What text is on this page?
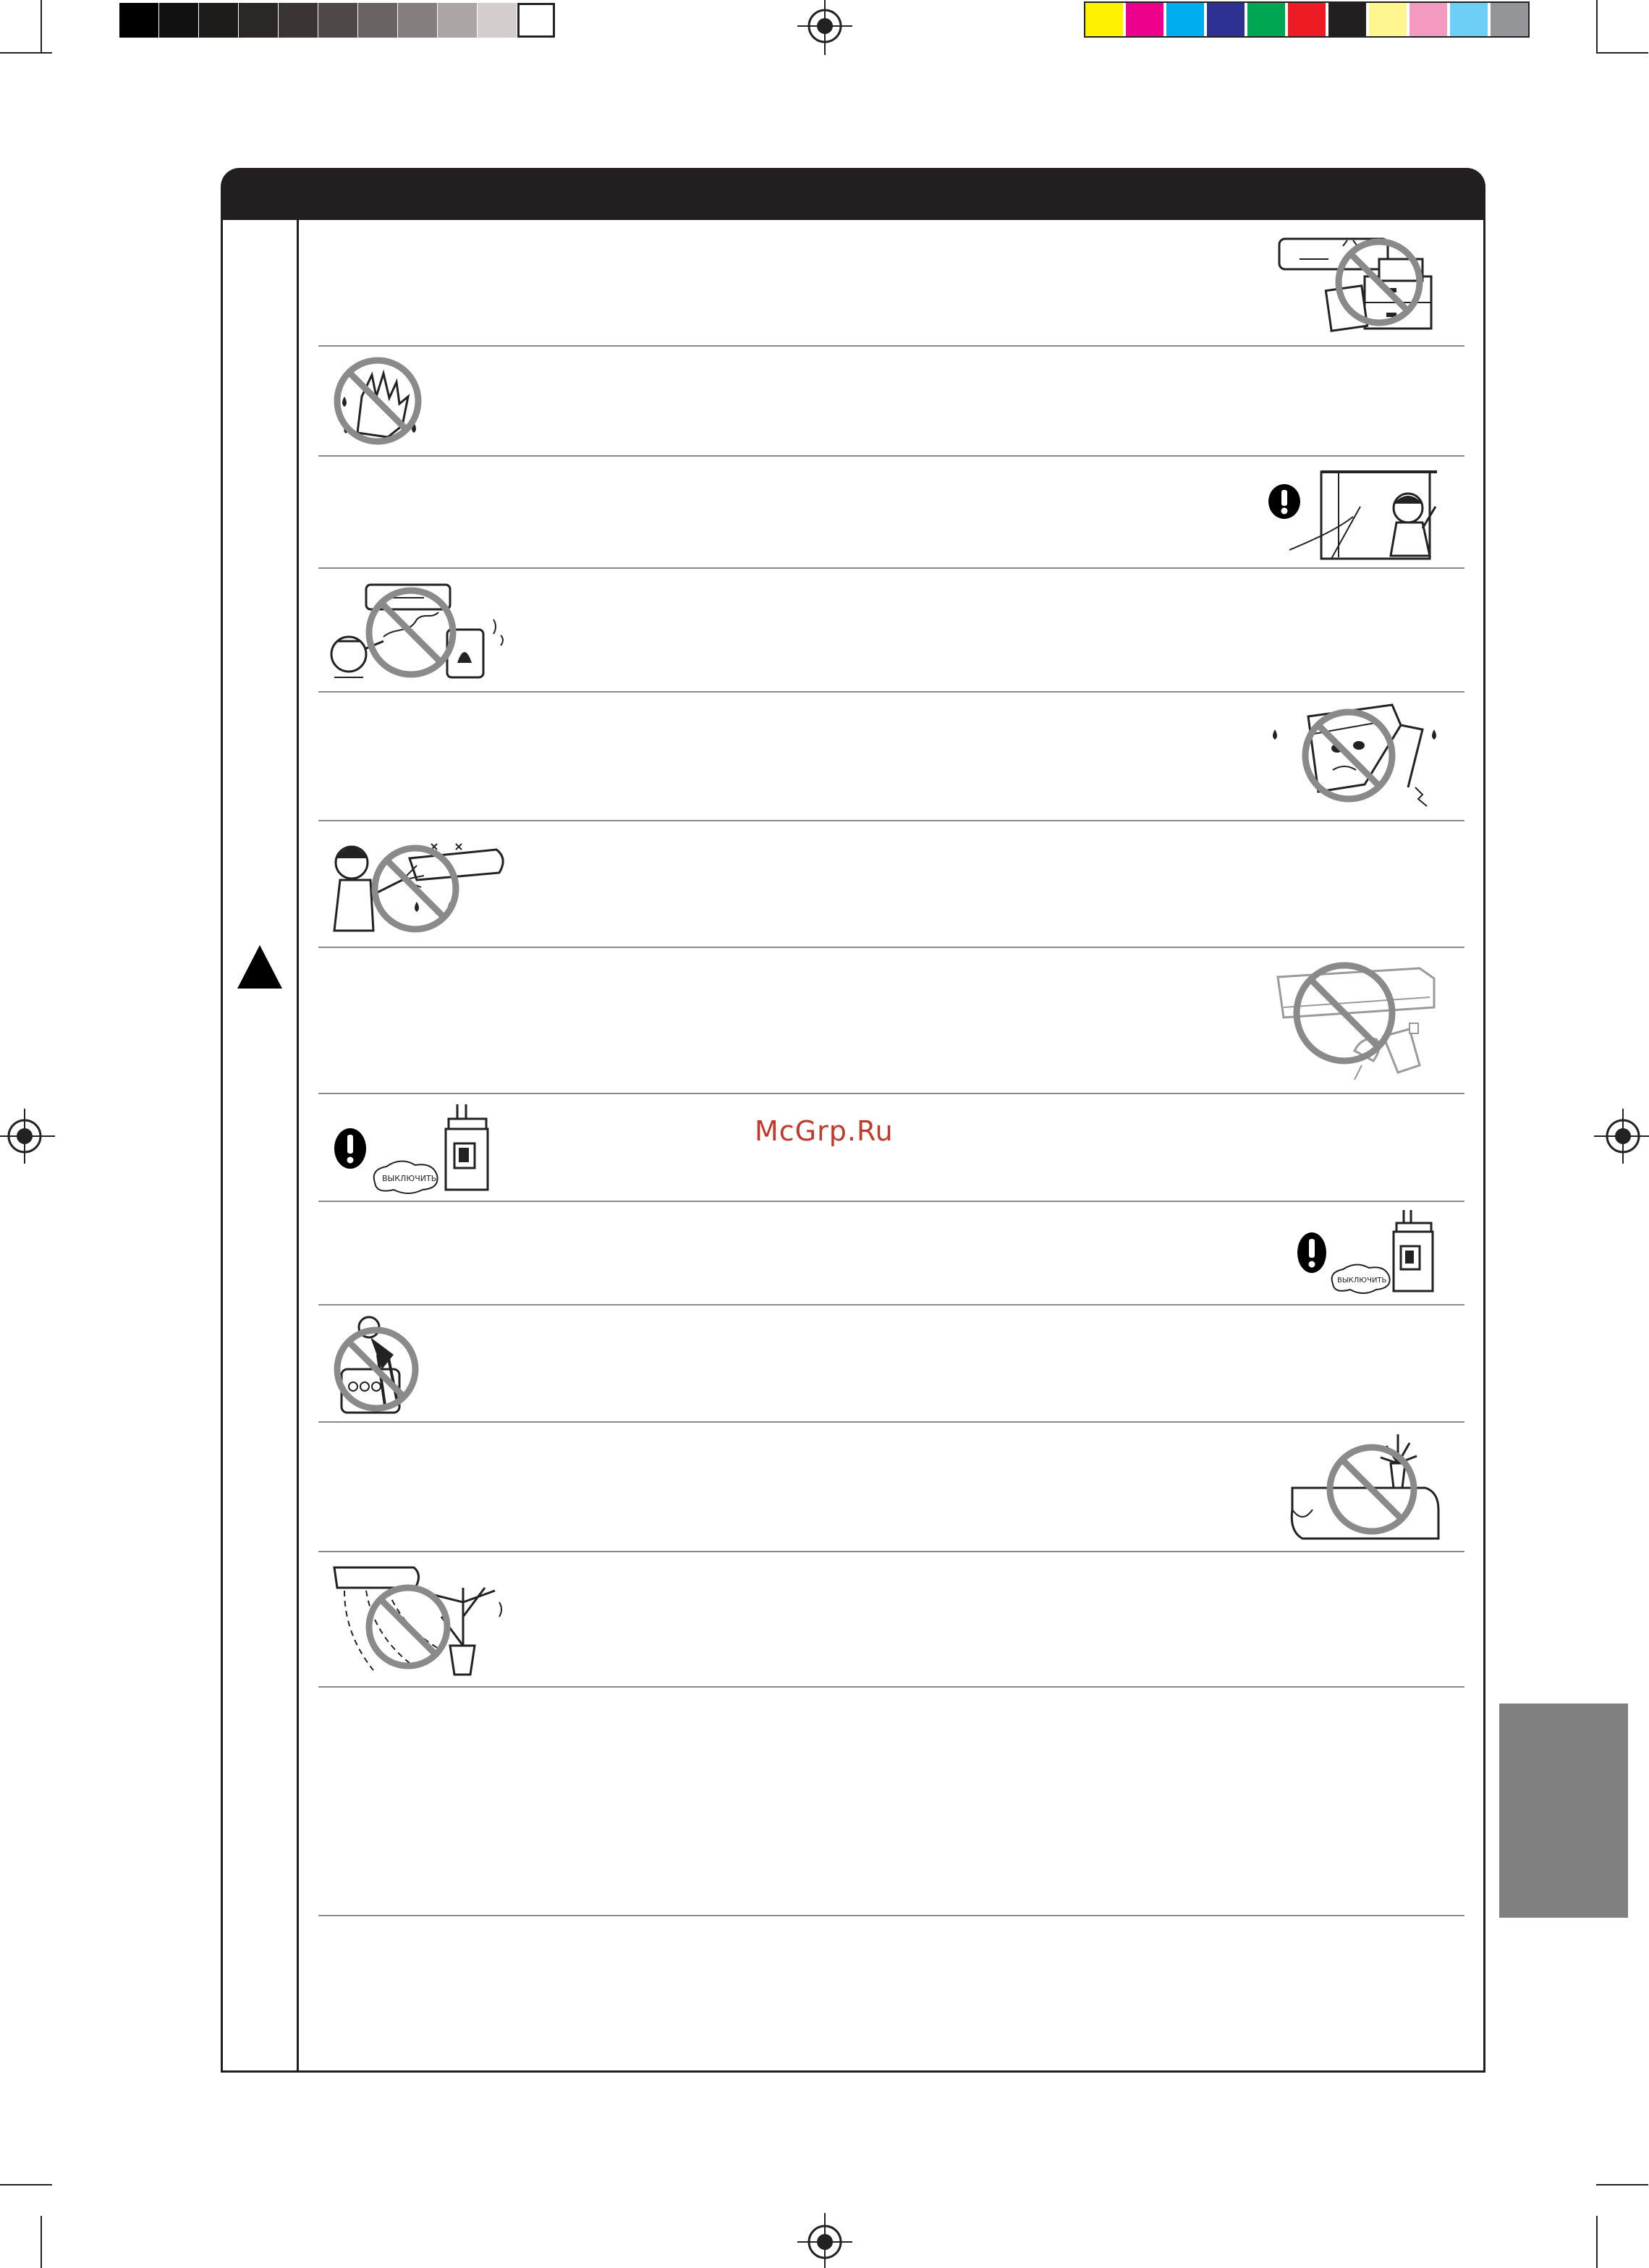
ВЫКЛЮЧИТЬ
McGrp.Ru
ВЫКЛЮЧИТЬ
